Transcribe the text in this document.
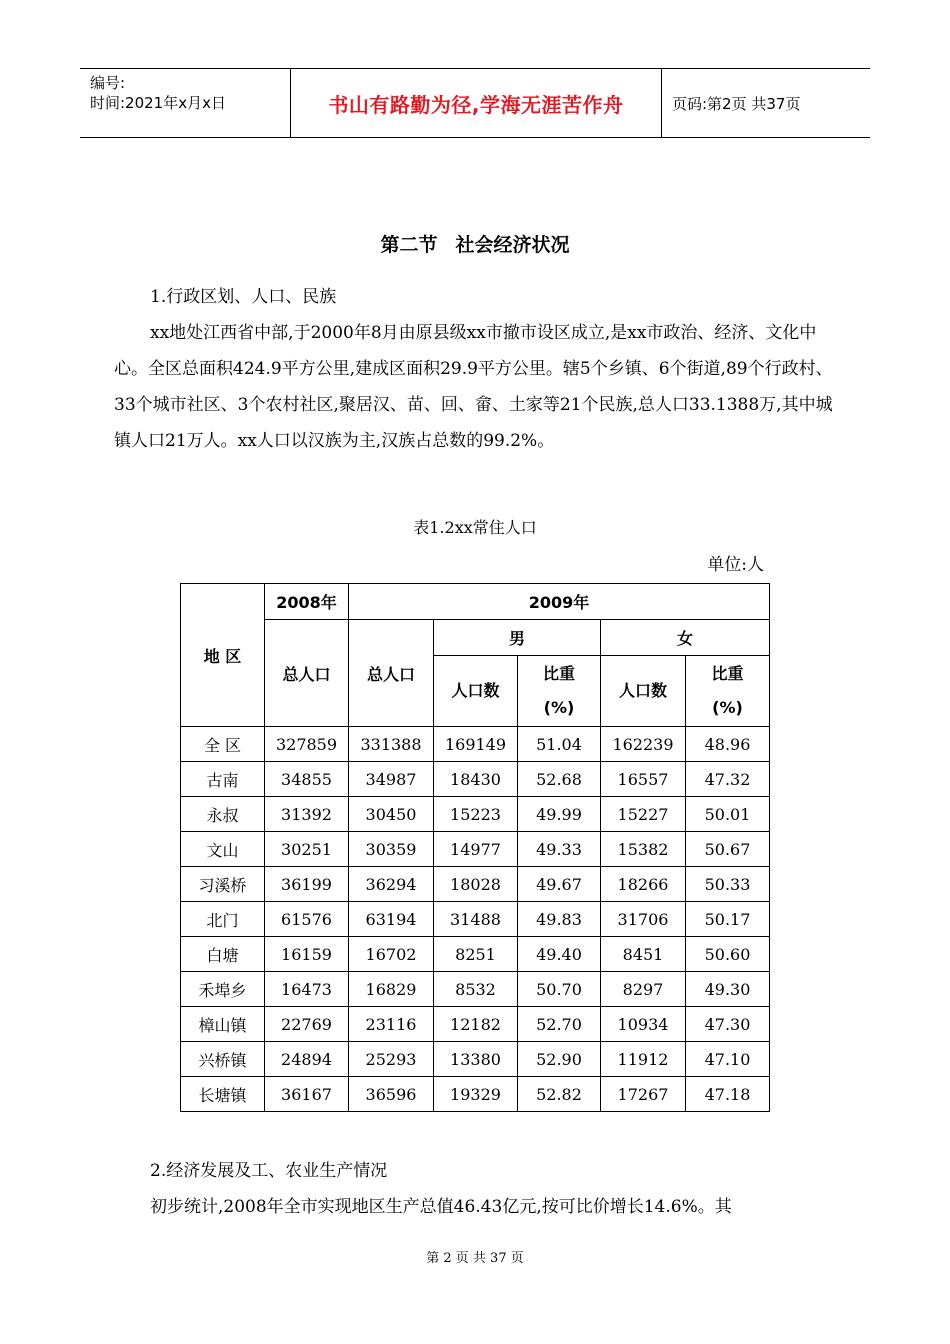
编号:
时间:2021年x月x日	书山有路勤为径,学海无涯苦作舟	页码:第2页 共37页
第二节 社会经济状况
1.行政区划、人口、民族
xx地处江西省中部,于2000年8月由原县级xx市撤市设区成立,是xx市政治、经济、文化中心。全区总面积424.9平方公里,建成区面积29.9平方公里。辖5个乡镇、6个街道,89个行政村、33个城市社区、3个农村社区,聚居汉、苗、回、畲、土家等21个民族,总人口33.1388万,其中城镇人口21万人。xx人口以汉族为主,汉族占总数的99.2%。
表1.2xx常住人口
单位:人
地 区	2008年	2009年				
	总人口	总人口	男		女	
			人口数	比重(%)	人口数	比重(%)

全 区	327859	331388	169149	51.04	162239	48.96
古南	34855	34987	18430	52.68	16557	47.32
永叔	31392	30450	15223	49.99	15227	50.01
文山	30251	30359	14977	49.33	15382	50.67
习溪桥	36199	36294	18028	49.67	18266	50.33
北门	61576	63194	31488	49.83	31706	50.17
白塘	16159	16702	8251	49.40	8451	50.60
禾埠乡	16473	16829	8532	50.70	8297	49.30
樟山镇	22769	23116	12182	52.70	10934	47.30
兴桥镇	24894	25293	13380	52.90	11912	47.10
长塘镇	36167	36596	19329	52.82	17267	47.18
2.经济发展及工、农业生产情况
初步统计,2008年全市实现地区生产总值46.43亿元,按可比价增长14.6%。其
第 2 页 共 37 页
